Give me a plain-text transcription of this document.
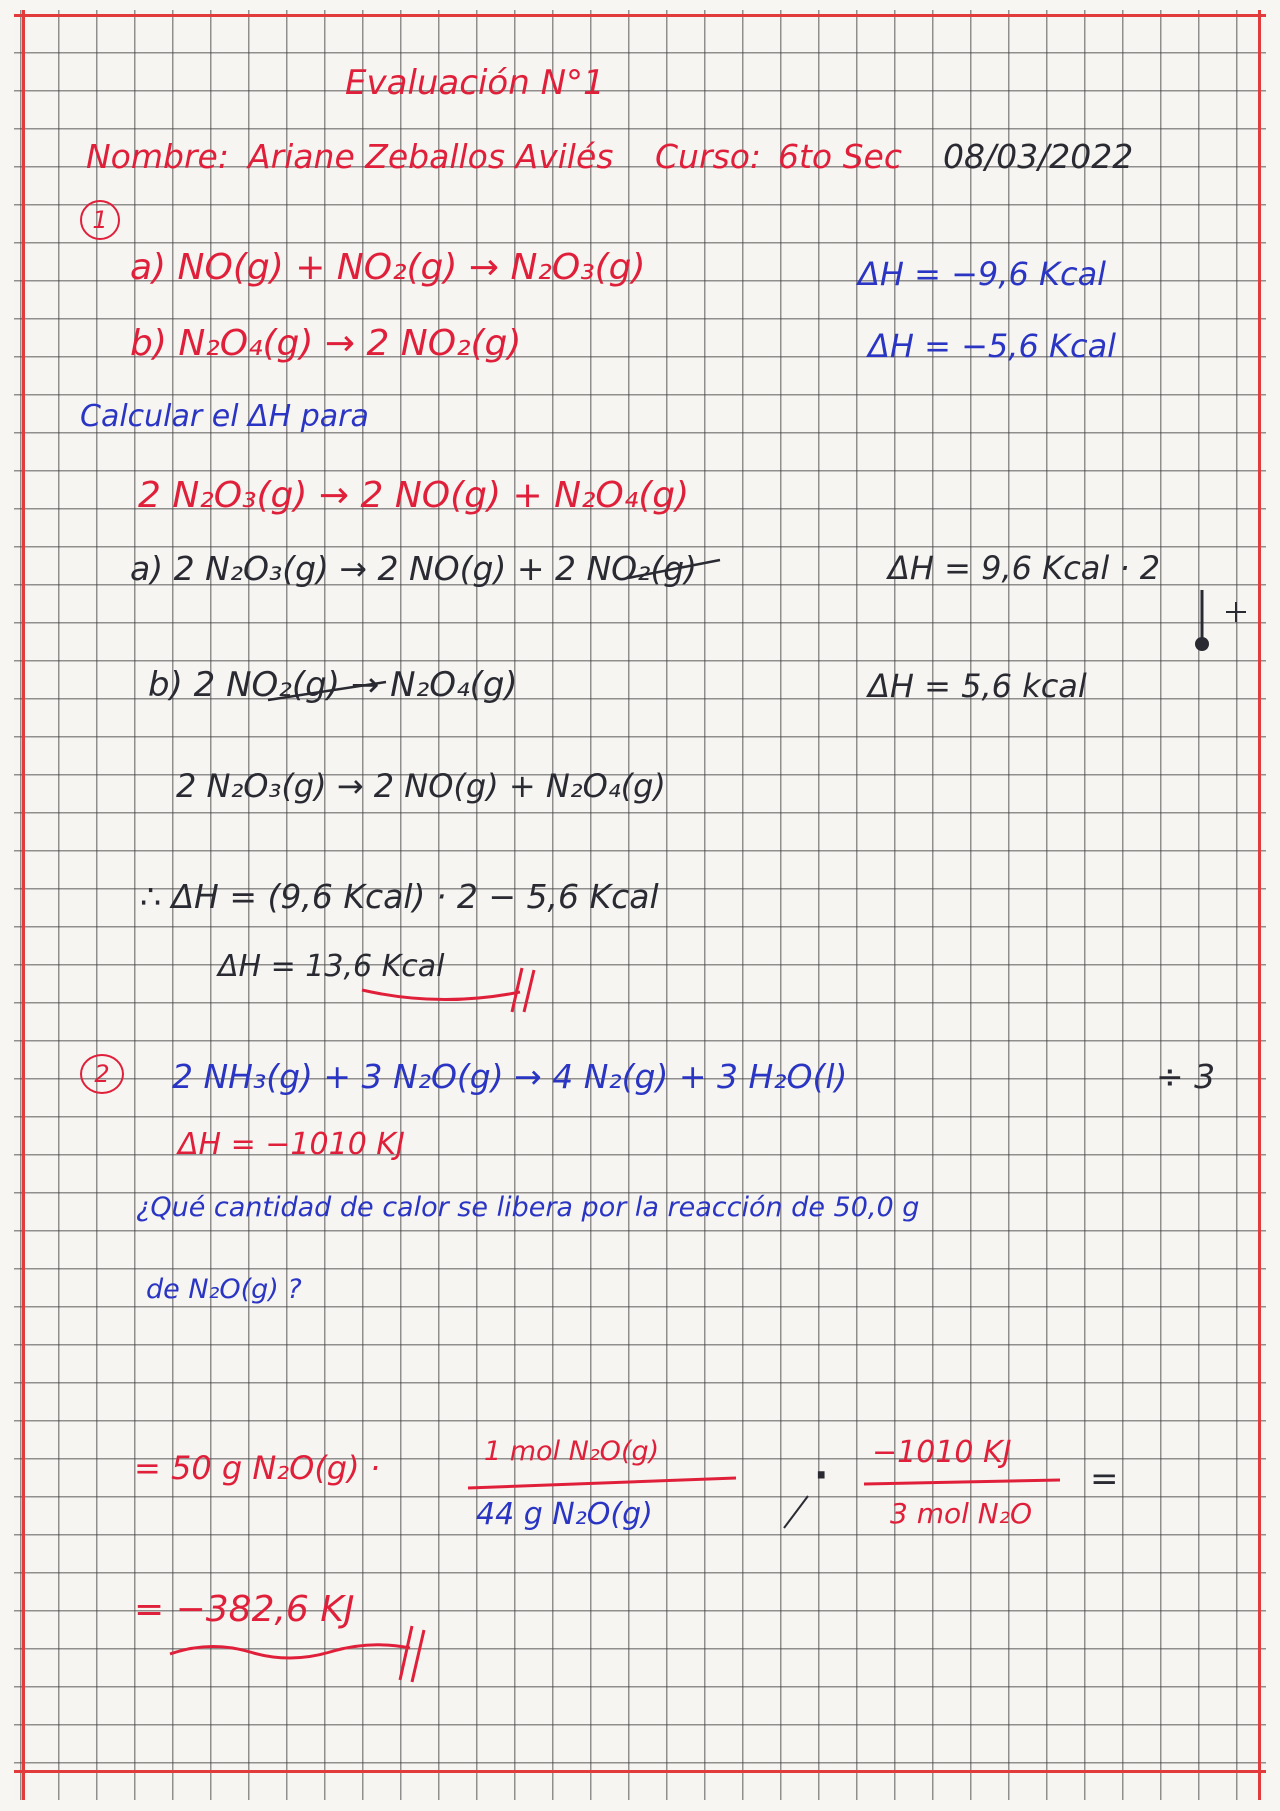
Evaluación N°1
Nombre: Ariane Zeballos Avilés Curso: 6to Sec 08/03/2022
1
a) NO(g) + NO₂(g) → N₂O₃(g)	ΔH = −9,6 Kcal
b) N₂O₄(g) → 2 NO₂(g)	ΔH = −5,6 Kcal
Calcular el ΔH para
2 N₂O₃(g) → 2 NO(g) + N₂O₄(g)
a) 2 N₂O₃(g) → 2 NO(g) + 2 NO₂(g)	ΔH = 9,6 Kcal · 2
b) 2 NO₂(g) → N₂O₄(g)	ΔH = 5,6 kcal
2 N₂O₃(g) → 2 NO(g) + N₂O₄(g)
∴ ΔH = (9,6 Kcal) · 2 − 5,6 Kcal
ΔH = 13,6 Kcal
2 2 NH₃(g) + 3 N₂O(g) → 4 N₂(g) + 3 H₂O(l)	÷ 3
ΔH = −1010 KJ
¿Qué cantidad de calor se libera por la reacción de 50,0 g
de N₂O(g) ?
= 50 g N₂O(g) ·	1 mol N₂O(g)
44 g N₂O(g)
·
−1010 KJ
3 mol N₂O
=
= −382,6 KJ
